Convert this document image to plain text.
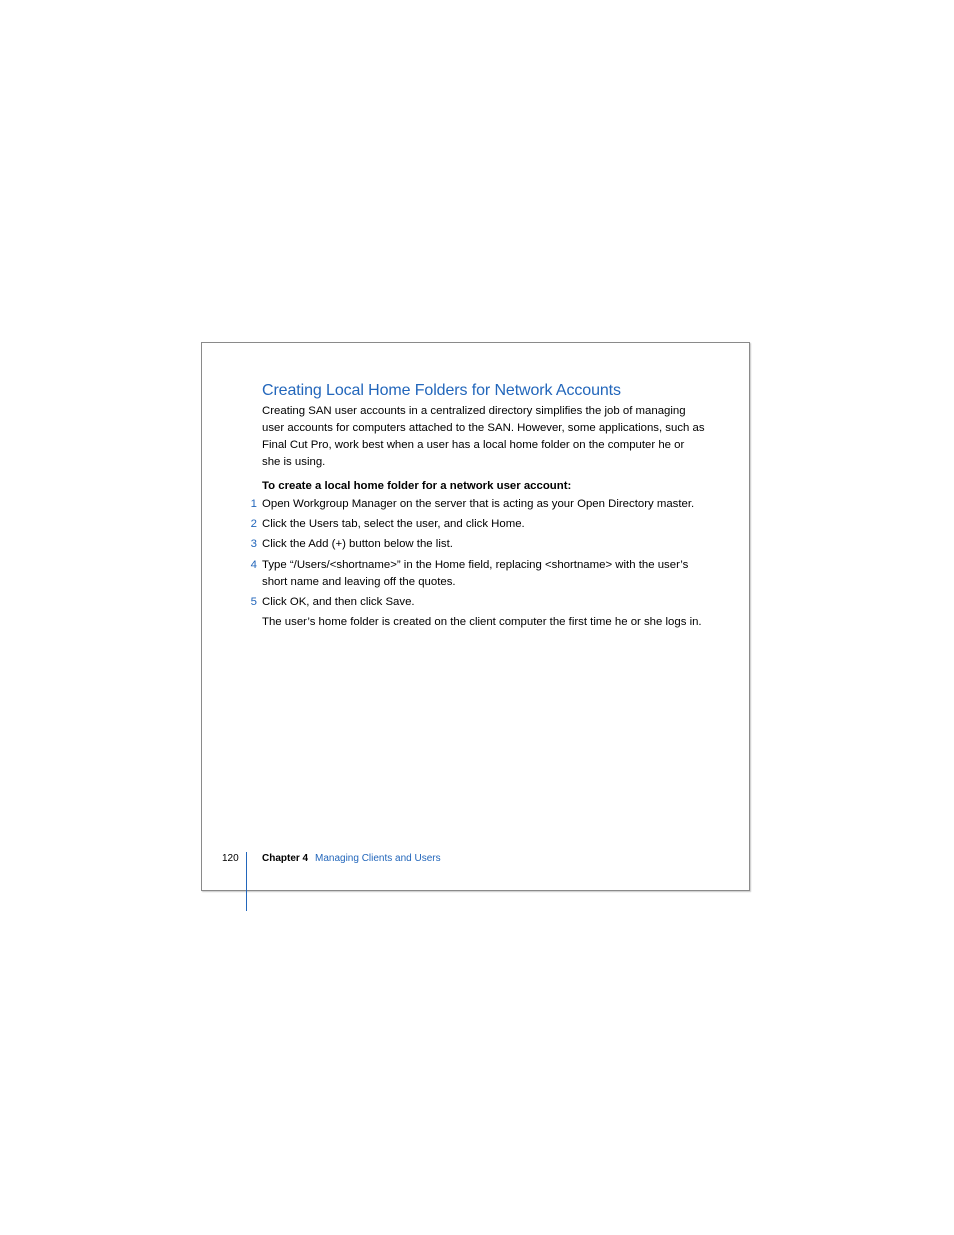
Creating Local Home Folders for Network Accounts

Creating SAN user accounts in a centralized directory simplifies the job of managing
user accounts for computers attached to the SAN. However, some applications, such as
Final Cut Pro, work best when a user has a local home folder on the computer he or
she is using.

To create a local home folder for a network user account:
1 Open Workgroup Manager on the server that is acting as your Open Directory master.
2 Click the Users tab, select the user, and click Home.
3 Click the Add (+) button below the list.
4 Type “/Users/<shortname>” in the Home field, replacing <shortname> with the user’s
short name and leaving off the quotes.
5 Click OK, and then click Save.
The user’s home folder is created on the client computer the first time he or she logs in.
120 Chapter 4 Managing Clients and Users
